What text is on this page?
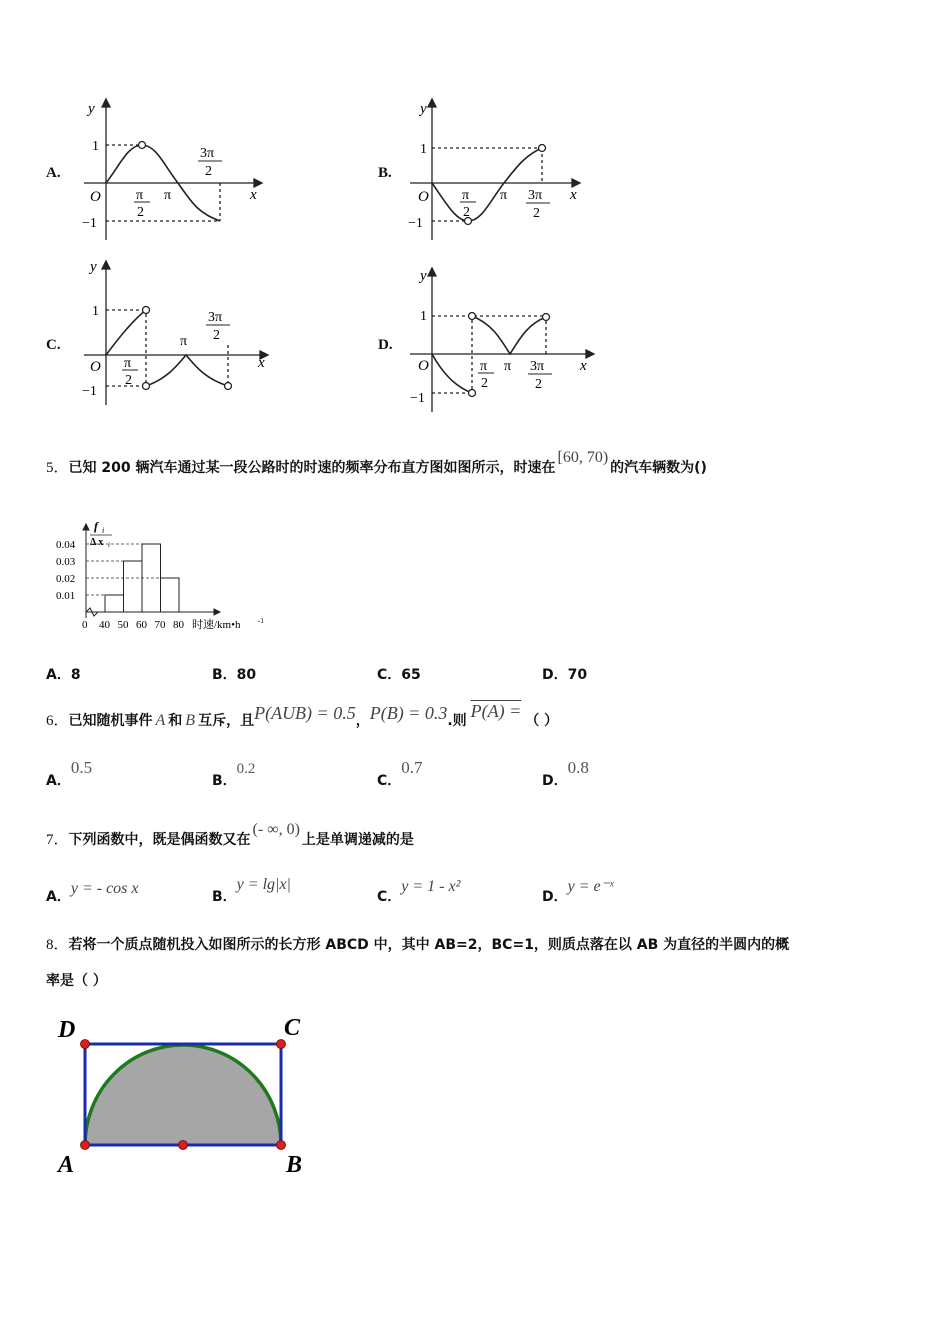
A.	B.
C.	D.
y
x
O
1
−1
π
2
π
3π
2
y
x
O
1
−1
π
2
π 3π
2
y
x
O
1
−1
π
2
π
3π
2
y
x
O
1
−1
π
2
π 3π
2
5．已知 200 辆汽车通过某一段公路时的时速的频率分布直方图如图所示，时速在[60, 70)的汽车辆数为()
0.04
0.03
0.02
0.01
0 40 50 60 70 80
f i
Δ x i
时速/km•h	-1
A．8	B．80	C．65	D．70
6．已知随机事件 A 和 B 互斥，且P(AUB) = 0.5，P(B) = 0.3.则 P(A) = （ ）
A．0.5
B．0.2
C．0.7
D．0.8
7．下列函数中，既是偶函数又在(- ∞, 0)上是单调递减的是
A．y = - cos x	B．y = lg|x|
C．y = 1 - x²
D．y = e⁻ˣ
8．若将一个质点随机投入如图所示的长方形 ABCD 中，其中 AB=2，BC=1，则质点落在以 AB 为直径的半圆内的概
率是（ ）
A	B
C
D
